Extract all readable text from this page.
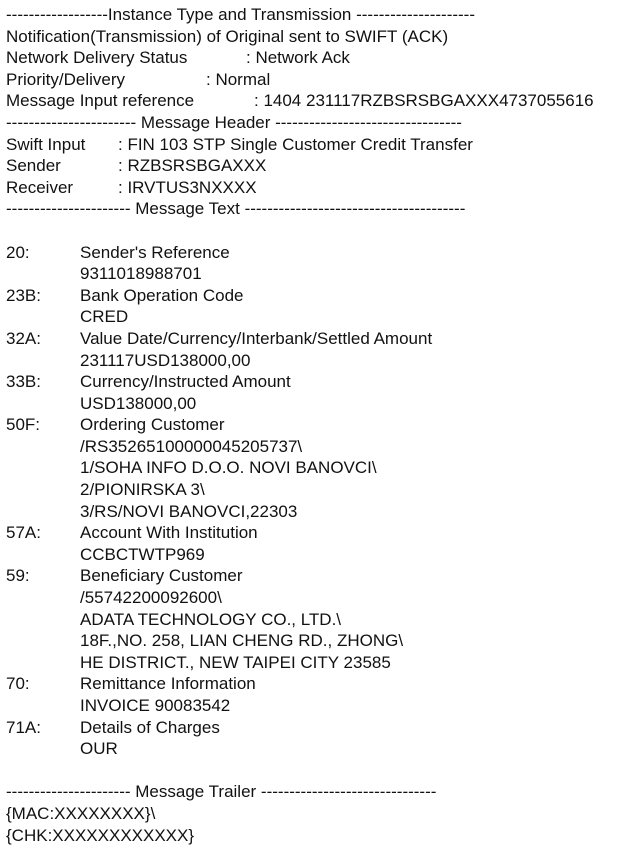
------------------Instance Type and Transmission ---------------------
Notification(Transmission) of Original sent to SWIFT (ACK)
Network Delivery Status	: Network Ack
Priority/Delivery	: Normal
Message Input reference	: 1404 231117RZBSRSBGAXXX4737055616
----------------------- Message Header ---------------------------------
Swift Input	: FIN 103 STP Single Customer Credit Transfer
Sender	: RZBSRSBGAXXX
Receiver	: IRVTUS3NXXXX
---------------------- Message Text ---------------------------------------
20:	Sender's Reference
9311018988701
23B:	Bank Operation Code
CRED
32A:	Value Date/Currency/Interbank/Settled Amount
231117USD138000,00
33B:	Currency/Instructed Amount
USD138000,00
50F:	Ordering Customer
/RS35265100000045205737\
1/SOHA INFO D.O.O. NOVI BANOVCI\
2/PIONIRSKA 3\
3/RS/NOVI BANOVCI,22303
57A:	Account With Institution
CCBCTWTP969
59:	Beneficiary Customer
/55742200092600\
ADATA TECHNOLOGY CO., LTD.\
18F.,NO. 258, LIAN CHENG RD., ZHONG\
HE DISTRICT., NEW TAIPEI CITY 23585
70:	Remittance Information
INVOICE 90083542
71A:	Details of Charges
OUR
---------------------- Message Trailer -------------------------------
{MAC:XXXXXXXX}\
{CHK:XXXXXXXXXXXX}
